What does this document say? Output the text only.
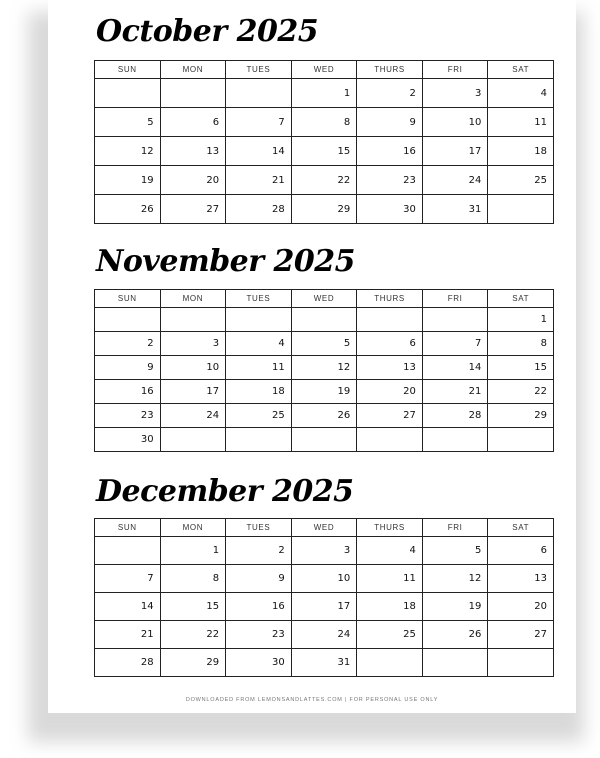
October 2025
SUN	MON	TUES	WED	THURS	FRI	SAT
			1	2	3	4
5	6	7	8	9	10	11
12	13	14	15	16	17	18
19	20	21	22	23	24	25
26	27	28	29	30	31	
November 2025
SUN	MON	TUES	WED	THURS	FRI	SAT
						1
2	3	4	5	6	7	8
9	10	11	12	13	14	15
16	17	18	19	20	21	22
23	24	25	26	27	28	29
30						
December 2025
SUN	MON	TUES	WED	THURS	FRI	SAT
	1	2	3	4	5	6
7	8	9	10	11	12	13
14	15	16	17	18	19	20
21	22	23	24	25	26	27
28	29	30	31			
DOWNLOADED FROM LEMONSANDLATTES.COM | FOR PERSONAL USE ONLY
